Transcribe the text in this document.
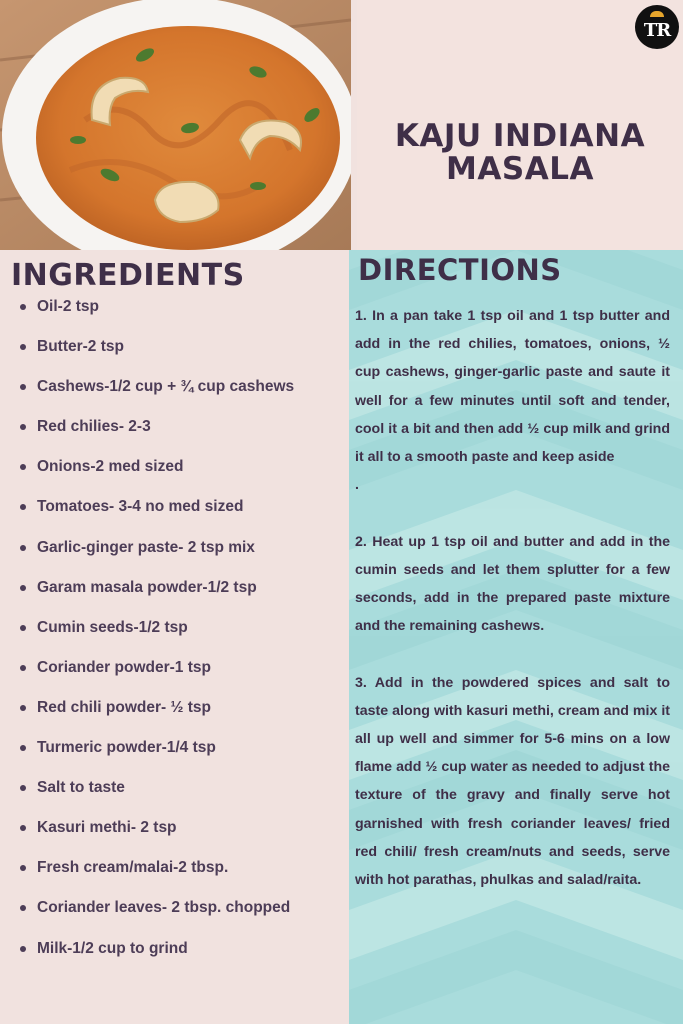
TR
KAJU INDIANA
MASALA
INGREDIENTS
Oil-2 tsp
Butter-2 tsp
Cashews-1/2 cup + ¾ cup cashews
Red chilies- 2-3
Onions-2 med sized
Tomatoes- 3-4 no med sized
Garlic-ginger paste- 2 tsp mix
Garam masala powder-1/2 tsp
Cumin seeds-1/2 tsp
Coriander powder-1 tsp
Red chili powder- ½ tsp
Turmeric powder-1/4 tsp
Salt to taste
Kasuri methi- 2 tsp
Fresh cream/malai-2 tbsp.
Coriander leaves- 2 tbsp. chopped
Milk-1/2 cup to grind
DIRECTIONS

1. In a pan take 1 tsp oil and 1 tsp butter and add in the red chilies, tomatoes, onions, ½ cup cashews, ginger-garlic paste and saute it well for a few minutes until soft and tender, cool it a bit and then add ½ cup milk and grind it all to a smooth paste and keep aside

.

2. Heat up 1 tsp oil and butter and add in the cumin seeds and let them splutter for a few seconds, add in the prepared paste mixture and the remaining cashews.

3. Add in the powdered spices and salt to taste along with kasuri methi, cream and mix it all up well and simmer for 5-6 mins on a low flame add ½ cup water as needed to adjust the texture of the gravy and finally serve hot garnished with fresh coriander leaves/ fried red chili/ fresh cream/nuts and seeds, serve with hot parathas, phulkas and salad/raita.
